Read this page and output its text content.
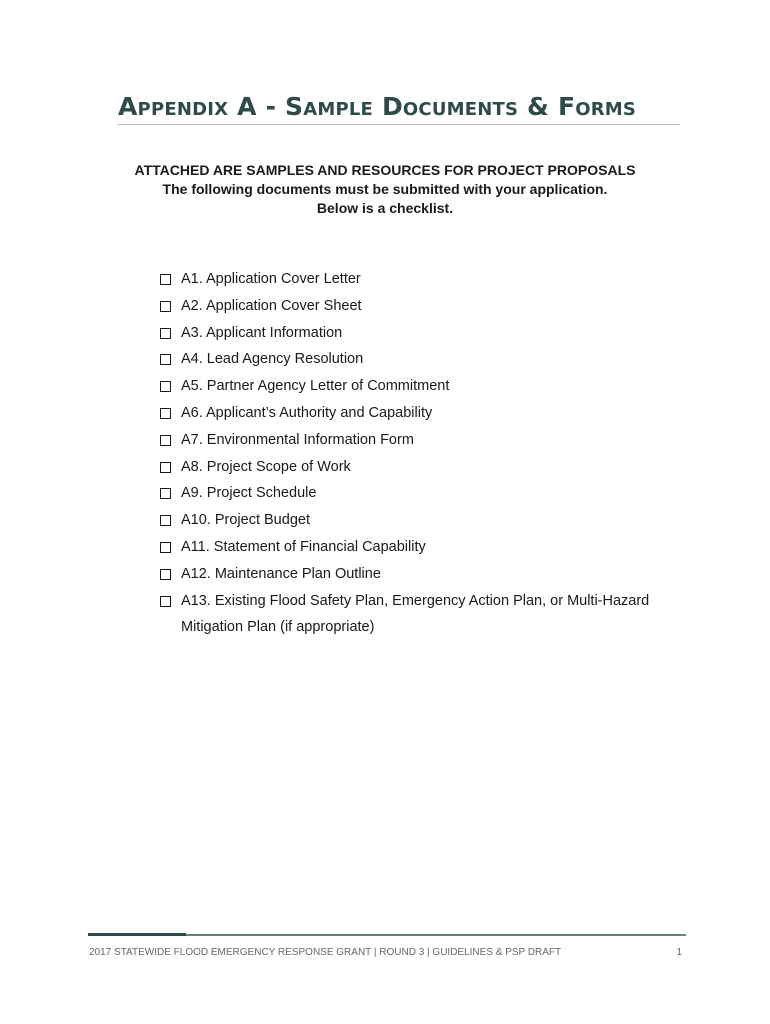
Appendix A - Sample Documents & Forms
ATTACHED ARE SAMPLES AND RESOURCES FOR PROJECT PROPOSALS
The following documents must be submitted with your application.
Below is a checklist.
A1. Application Cover Letter
A2. Application Cover Sheet
A3. Applicant Information
A4. Lead Agency Resolution
A5. Partner Agency Letter of Commitment
A6. Applicant’s Authority and Capability
A7. Environmental Information Form
A8. Project Scope of Work
A9. Project Schedule
A10. Project Budget
A11. Statement of Financial Capability
A12. Maintenance Plan Outline
A13. Existing Flood Safety Plan, Emergency Action Plan, or Multi-Hazard Mitigation Plan (if appropriate)
2017 STATEWIDE FLOOD EMERGENCY RESPONSE GRANT | ROUND 3 | GUIDELINES & PSP DRAFT	1
